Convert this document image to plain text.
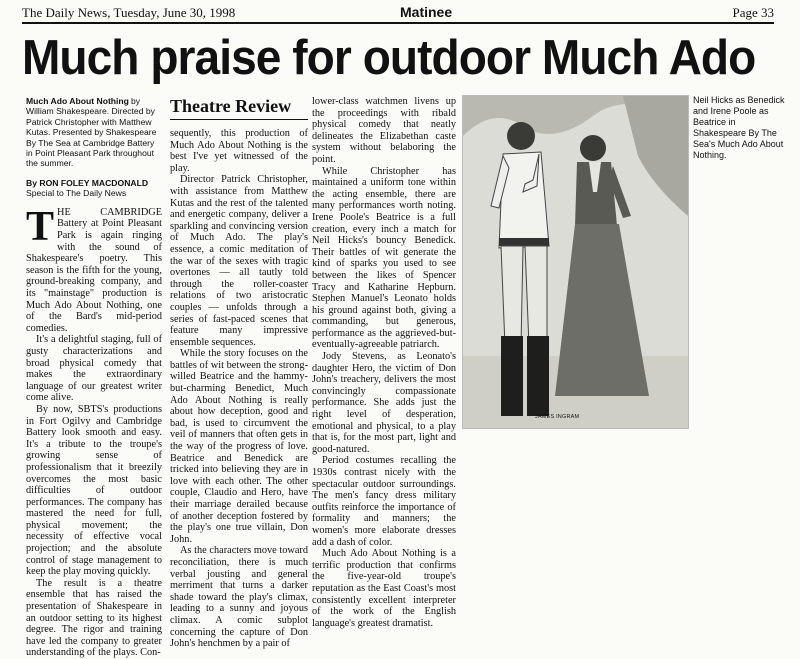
The Daily News, Tuesday, June 30, 1998	Matinee	Page 33
Much praise for outdoor Much Ado
Much Ado About Nothing by William Shakespeare. Directed by Patrick Christopher with Matthew Kutas. Presented by Shakespeare By The Sea at Cambridge Battery in Point Pleasant Park throughout the summer.
By RON FOLEY MACDONALD
Special to The Daily News

THE CAMBRIDGE Battery at Point Pleasant Park is again ringing with the sound of Shakespeare's poetry. This season is the fifth for the young, ground-breaking company, and its "mainstage" production is Much Ado About Nothing, one of the Bard's mid-period comedies.

It's a delightful staging, full of gusty characterizations and broad physical comedy that makes the extraordinary language of our greatest writer come alive.

By now, SBTS's productions in Fort Ogilvy and Cambridge Battery look smooth and easy. It's a tribute to the troupe's growing sense of professionalism that it breezily overcomes the most basic difficulties of outdoor performances. The company has mastered the need for full, physical movement; the necessity of effective vocal projection; and the absolute control of stage management to keep the play moving quickly.

The result is a theatre ensemble that has raised the presentation of Shakespeare in an outdoor setting to its highest degree. The rigor and training have led the company to greater understanding of the plays. Con-

Theatre Review

sequently, this production of Much Ado About Nothing is the best I've yet witnessed of the play.

Director Patrick Christopher, with assistance from Matthew Kutas and the rest of the talented and energetic company, deliver a sparkling and convincing version of Much Ado. The play's essence, a comic meditation of the war of the sexes with tragic overtones — all tautly told through the roller-coaster relations of two aristocratic couples — unfolds through a series of fast-paced scenes that feature many impressive ensemble sequences.

While the story focuses on the battles of wit between the strong-willed Beatrice and the hammy-but-charming Benedict, Much Ado About Nothing is really about how deception, good and bad, is used to circumvent the veil of manners that often gets in the way of the progress of love. Beatrice and Benedick are tricked into believing they are in love with each other. The other couple, Claudio and Hero, have their marriage derailed because of another deception fostered by the play's one true villain, Don John.

As the characters move toward reconciliation, there is much verbal jousting and general merriment that turns a darker shade toward the play's climax, leading to a sunny and joyous climax. A comic subplot concerning the capture of Don John's henchmen by a pair of

lower-class watchmen livens up the proceedings with ribald physical comedy that neatly delineates the Elizabethan caste system without belaboring the point.

While Christopher has maintained a uniform tone within the acting ensemble, there are many performances worth noting. Irene Poole's Beatrice is a full creation, every inch a match for Neil Hicks's bouncy Benedick. Their battles of wit generate the kind of sparks you used to see between the likes of Spencer Tracy and Katharine Hepburn. Stephen Manuel's Leonato holds his ground against both, giving a commanding, but generous, performance as the aggrieved-but-eventually-agreeable patriarch.

Jody Stevens, as Leonato's daughter Hero, the victim of Don John's treachery, delivers the most convincingly compassionate performance. She adds just the right level of desperation, emotional and physical, to a play that is, for the most part, light and good-natured.

Period costumes recalling the 1930s contrast nicely with the spectacular outdoor surroundings. The men's fancy dress military outfits reinforce the importance of formality and manners; the women's more elaborate dresses add a dash of color.

Much Ado About Nothing is a terrific production that confirms the five-year-old troupe's reputation as the East Coast's most consistently excellent interpreter of the work of the English language's greatest dramatist.

JAMES INGRAM
Neil Hicks as Benedick and Irene Poole as Beatrice in Shakespeare By The Sea's Much Ado About Nothing.
